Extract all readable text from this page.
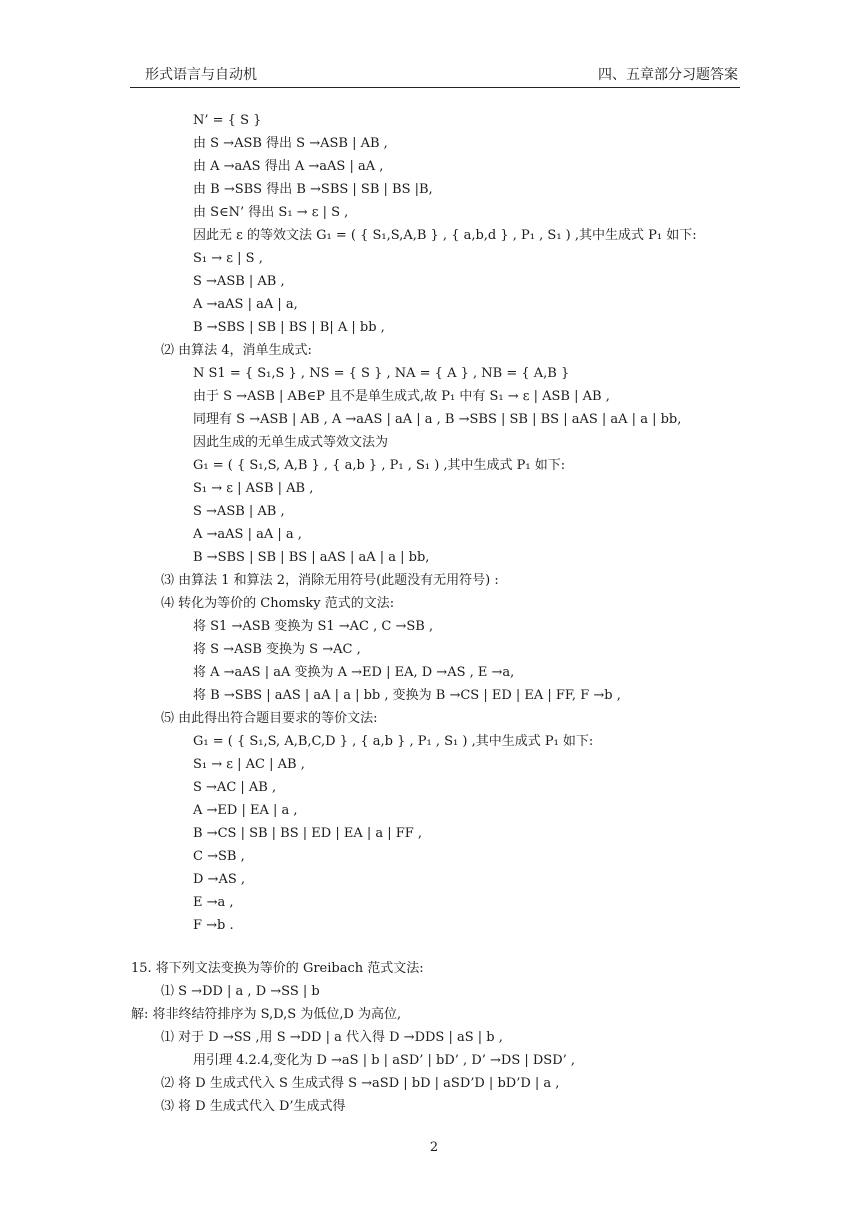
形式语言与自动机	四、五章部分习题答案
N’ = { S }
由 S →ASB 得出 S →ASB | AB ,
由 A →aAS 得出 A →aAS | aA ,
由 B →SBS 得出 B →SBS | SB | BS |B,
由 S∈N’ 得出 S₁ → ε | S ,
因此无 ε 的等效文法 G₁ = ( { S₁,S,A,B } , { a,b,d } , P₁ , S₁ ) ,其中生成式 P₁ 如下:
S₁ → ε | S ,
S →ASB | AB ,
A →aAS | aA | a,
B →SBS | SB | BS | B| A | bb ,
⑵ 由算法 4，消单生成式:
N S1 = { S₁,S } , NS = { S } , NA = { A } , NB = { A,B }
由于 S →ASB | AB∈P 且不是单生成式,故 P₁ 中有 S₁ → ε | ASB | AB ,
同理有 S →ASB | AB , A →aAS | aA | a , B →SBS | SB | BS | aAS | aA | a | bb,
因此生成的无单生成式等效文法为
G₁ = ( { S₁,S, A,B } , { a,b } , P₁ , S₁ ) ,其中生成式 P₁ 如下:
S₁ → ε | ASB | AB ,
S →ASB | AB ,
A →aAS | aA | a ,
B →SBS | SB | BS | aAS | aA | a | bb,
⑶ 由算法 1 和算法 2，消除无用符号(此题没有无用符号) :
⑷ 转化为等价的 Chomsky 范式的文法:
将 S1 →ASB 变换为 S1 →AC , C →SB ,
将 S →ASB 变换为 S →AC ,
将 A →aAS | aA 变换为 A →ED | EA, D →AS , E →a,
将 B →SBS | aAS | aA | a | bb , 变换为 B →CS | ED | EA | FF, F →b ,
⑸ 由此得出符合题目要求的等价文法:
G₁ = ( { S₁,S, A,B,C,D } , { a,b } , P₁ , S₁ ) ,其中生成式 P₁ 如下:
S₁ → ε | AC | AB ,
S →AC | AB ,
A →ED | EA | a ,
B →CS | SB | BS | ED | EA | a | FF ,
C →SB ,
D →AS ,
E →a ,
F →b .
15. 将下列文法变换为等价的 Greibach 范式文法:
⑴ S →DD | a , D →SS | b
解: 将非终结符排序为 S,D,S 为低位,D 为高位,
⑴ 对于 D →SS ,用 S →DD | a 代入得 D →DDS | aS | b ,
用引理 4.2.4,变化为 D →aS | b | aSD’ | bD’ , D’ →DS | DSD’ ,
⑵ 将 D 生成式代入 S 生成式得 S →aSD | bD | aSD’D | bD’D | a ,
⑶ 将 D 生成式代入 D’生成式得
2
